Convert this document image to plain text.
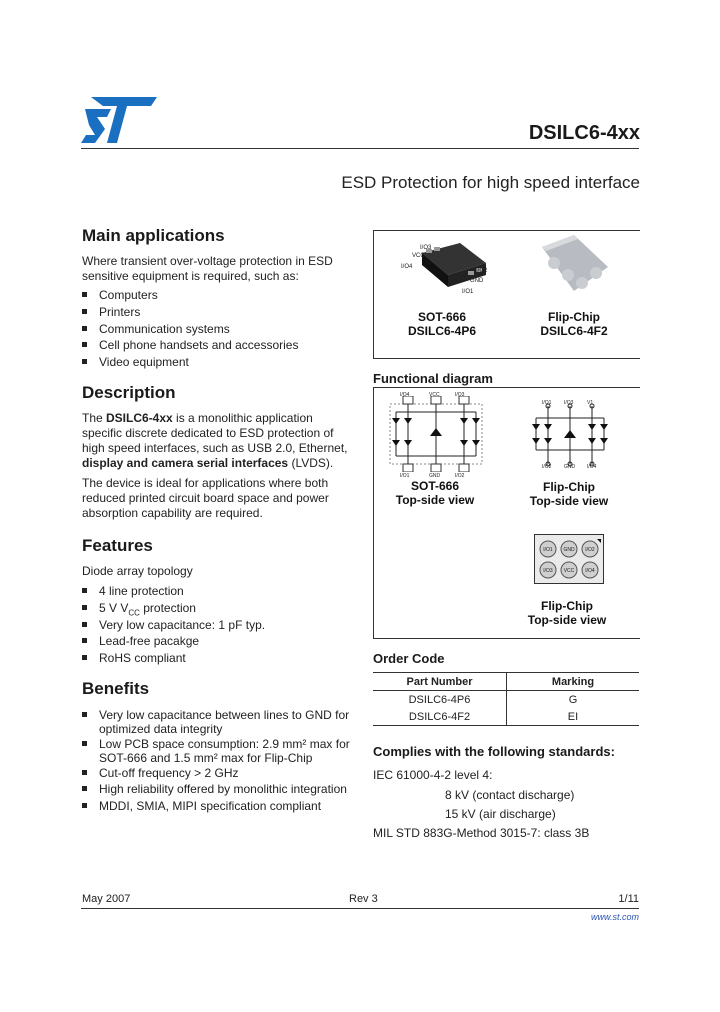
DSILC6-4xx
ESD Protection for high speed interface
Main applications
Where transient over-voltage protection in ESD sensitive equipment is required, such as:
Computers
Printers
Communication systems
Cell phone handsets and accessories
Video equipment
Description
The DSILC6-4xx is a monolithic application specific discrete dedicated to ESD protection of high speed interfaces, such as USB 2.0, Ethernet, display and camera serial interfaces (LVDS).
The device is ideal for applications where both reduced printed circuit board space and power absorption capability are required.
Features
Diode array topology
4 line protection
5 V $V_{CC}$ protection
Very low capacitance: 1 pF typ.
Lead-free pacakge
RoHS compliant
Benefits
Very low capacitance between lines to GND for
optimized data integrity
Low PCB space consumption: 2.9 mm² max for
SOT-666 and 1.5 mm² max for Flip-Chip
Cut-off frequency > 2 GHz
High reliability offered by monolithic integration
MDDI, SMIA, MIPI specification compliant
I/O3
VCC
I/O4
I/O2
GND
I/O1
SOT-666
DSILC6-4P6
Flip-Chip
DSILC6-4F2
Functional diagram
I/O4	VCC	I/O3
I/O1	GND	I/O2
SOT-666
Top-side view
I/O1	I/O3	V1
I/O2	GND I/O4
Flip-Chip
Top-side view
I/O1 GND I/O2
I/O3 VCC I/O4
Flip-Chip
Top-side view
Order Code
Part Number	Marking
DSILC6-4P6	G
DSILC6-4F2	EI
Complies with the following standards:
IEC 61000-4-2 level 4:
8 kV (contact discharge)
15 kV (air discharge)
MIL STD 883G-Method 3015-7: class 3B
May 2007	Rev 3	1/11
www.st.com
